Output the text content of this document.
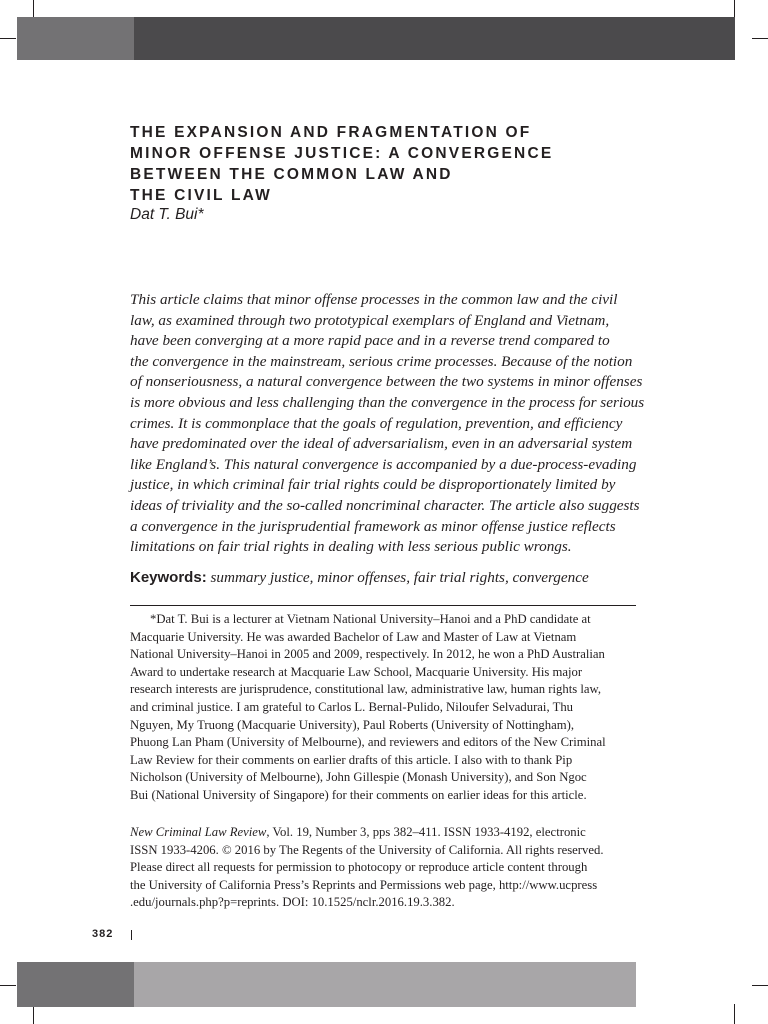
THE EXPANSION AND FRAGMENTATION OF
MINOR OFFENSE JUSTICE: A CONVERGENCE
BETWEEN THE COMMON LAW AND
THE CIVIL LAW

Dat T. Bui*

This article claims that minor offense processes in the common law and the civil
law, as examined through two prototypical exemplars of England and Vietnam,
have been converging at a more rapid pace and in a reverse trend compared to
the convergence in the mainstream, serious crime processes. Because of the notion
of nonseriousness, a natural convergence between the two systems in minor offenses
is more obvious and less challenging than the convergence in the process for serious
crimes. It is commonplace that the goals of regulation, prevention, and efficiency
have predominated over the ideal of adversarialism, even in an adversarial system
like England’s. This natural convergence is accompanied by a due-process-evading
justice, in which criminal fair trial rights could be disproportionately limited by
ideas of triviality and the so-called noncriminal character. The article also suggests
a convergence in the jurisprudential framework as minor offense justice reflects
limitations on fair trial rights in dealing with less serious public wrongs.

Keywords: summary justice, minor offenses, fair trial rights, convergence

*Dat T. Bui is a lecturer at Vietnam National University–Hanoi and a PhD candidate at
Macquarie University. He was awarded Bachelor of Law and Master of Law at Vietnam
National University–Hanoi in 2005 and 2009, respectively. In 2012, he won a PhD Australian
Award to undertake research at Macquarie Law School, Macquarie University. His major
research interests are jurisprudence, constitutional law, administrative law, human rights law,
and criminal justice. I am grateful to Carlos L. Bernal-Pulido, Niloufer Selvadurai, Thu
Nguyen, My Truong (Macquarie University), Paul Roberts (University of Nottingham),
Phuong Lan Pham (University of Melbourne), and reviewers and editors of the New Criminal
Law Review for their comments on earlier drafts of this article. I also with to thank Pip
Nicholson (University of Melbourne), John Gillespie (Monash University), and Son Ngoc
Bui (National University of Singapore) for their comments on earlier ideas for this article.
New Criminal Law Review, Vol. 19, Number 3, pps 382–411. ISSN 1933-4192, electronic
ISSN 1933-4206. © 2016 by The Regents of the University of California. All rights reserved.
Please direct all requests for permission to photocopy or reproduce article content through
the University of California Press’s Reprints and Permissions web page, http://www.ucpress
.edu/journals.php?p=reprints. DOI: 10.1525/nclr.2016.19.3.382.
382
